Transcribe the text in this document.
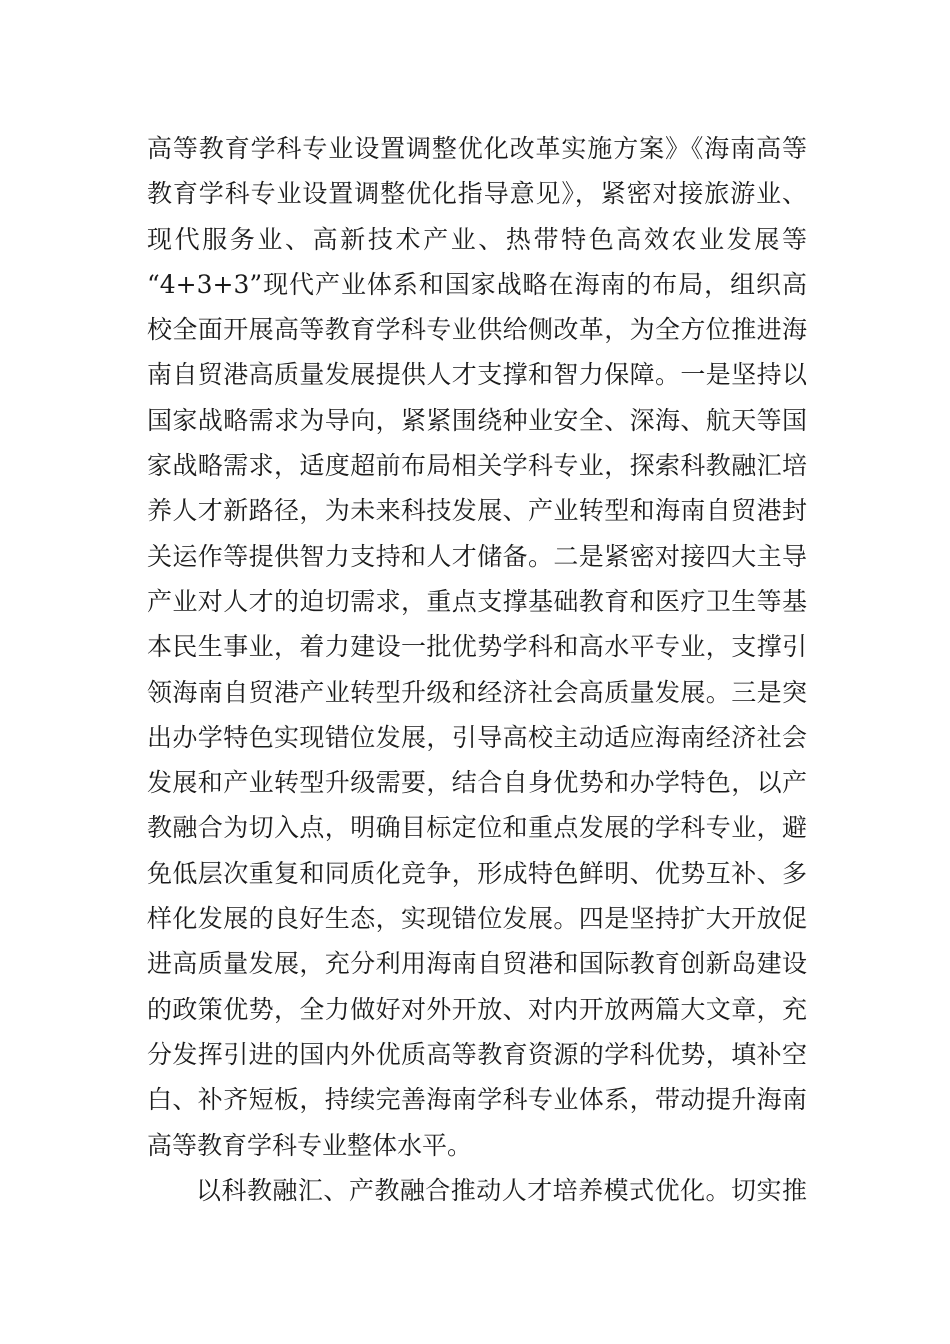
高等教育学科专业设置调整优化改革实施方案》《海南高等
教育学科专业设置调整优化指导意见》，紧密对接旅游业、
现代服务业、高新技术产业、热带特色高效农业发展等
“4+3+3”现代产业体系和国家战略在海南的布局，组织高
校全面开展高等教育学科专业供给侧改革，为全方位推进海
南自贸港高质量发展提供人才支撑和智力保障。一是坚持以
国家战略需求为导向，紧紧围绕种业安全、深海、航天等国
家战略需求，适度超前布局相关学科专业，探索科教融汇培
养人才新路径，为未来科技发展、产业转型和海南自贸港封
关运作等提供智力支持和人才储备。二是紧密对接四大主导
产业对人才的迫切需求，重点支撑基础教育和医疗卫生等基
本民生事业，着力建设一批优势学科和高水平专业，支撑引
领海南自贸港产业转型升级和经济社会高质量发展。三是突
出办学特色实现错位发展，引导高校主动适应海南经济社会
发展和产业转型升级需要，结合自身优势和办学特色，以产
教融合为切入点，明确目标定位和重点发展的学科专业，避
免低层次重复和同质化竞争，形成特色鲜明、优势互补、多
样化发展的良好生态，实现错位发展。四是坚持扩大开放促
进高质量发展，充分利用海南自贸港和国际教育创新岛建设
的政策优势，全力做好对外开放、对内开放两篇大文章，充
分发挥引进的国内外优质高等教育资源的学科优势，填补空
白、补齐短板，持续完善海南学科专业体系，带动提升海南
高等教育学科专业整体水平。
以科教融汇、产教融合推动人才培养模式优化。切实推
